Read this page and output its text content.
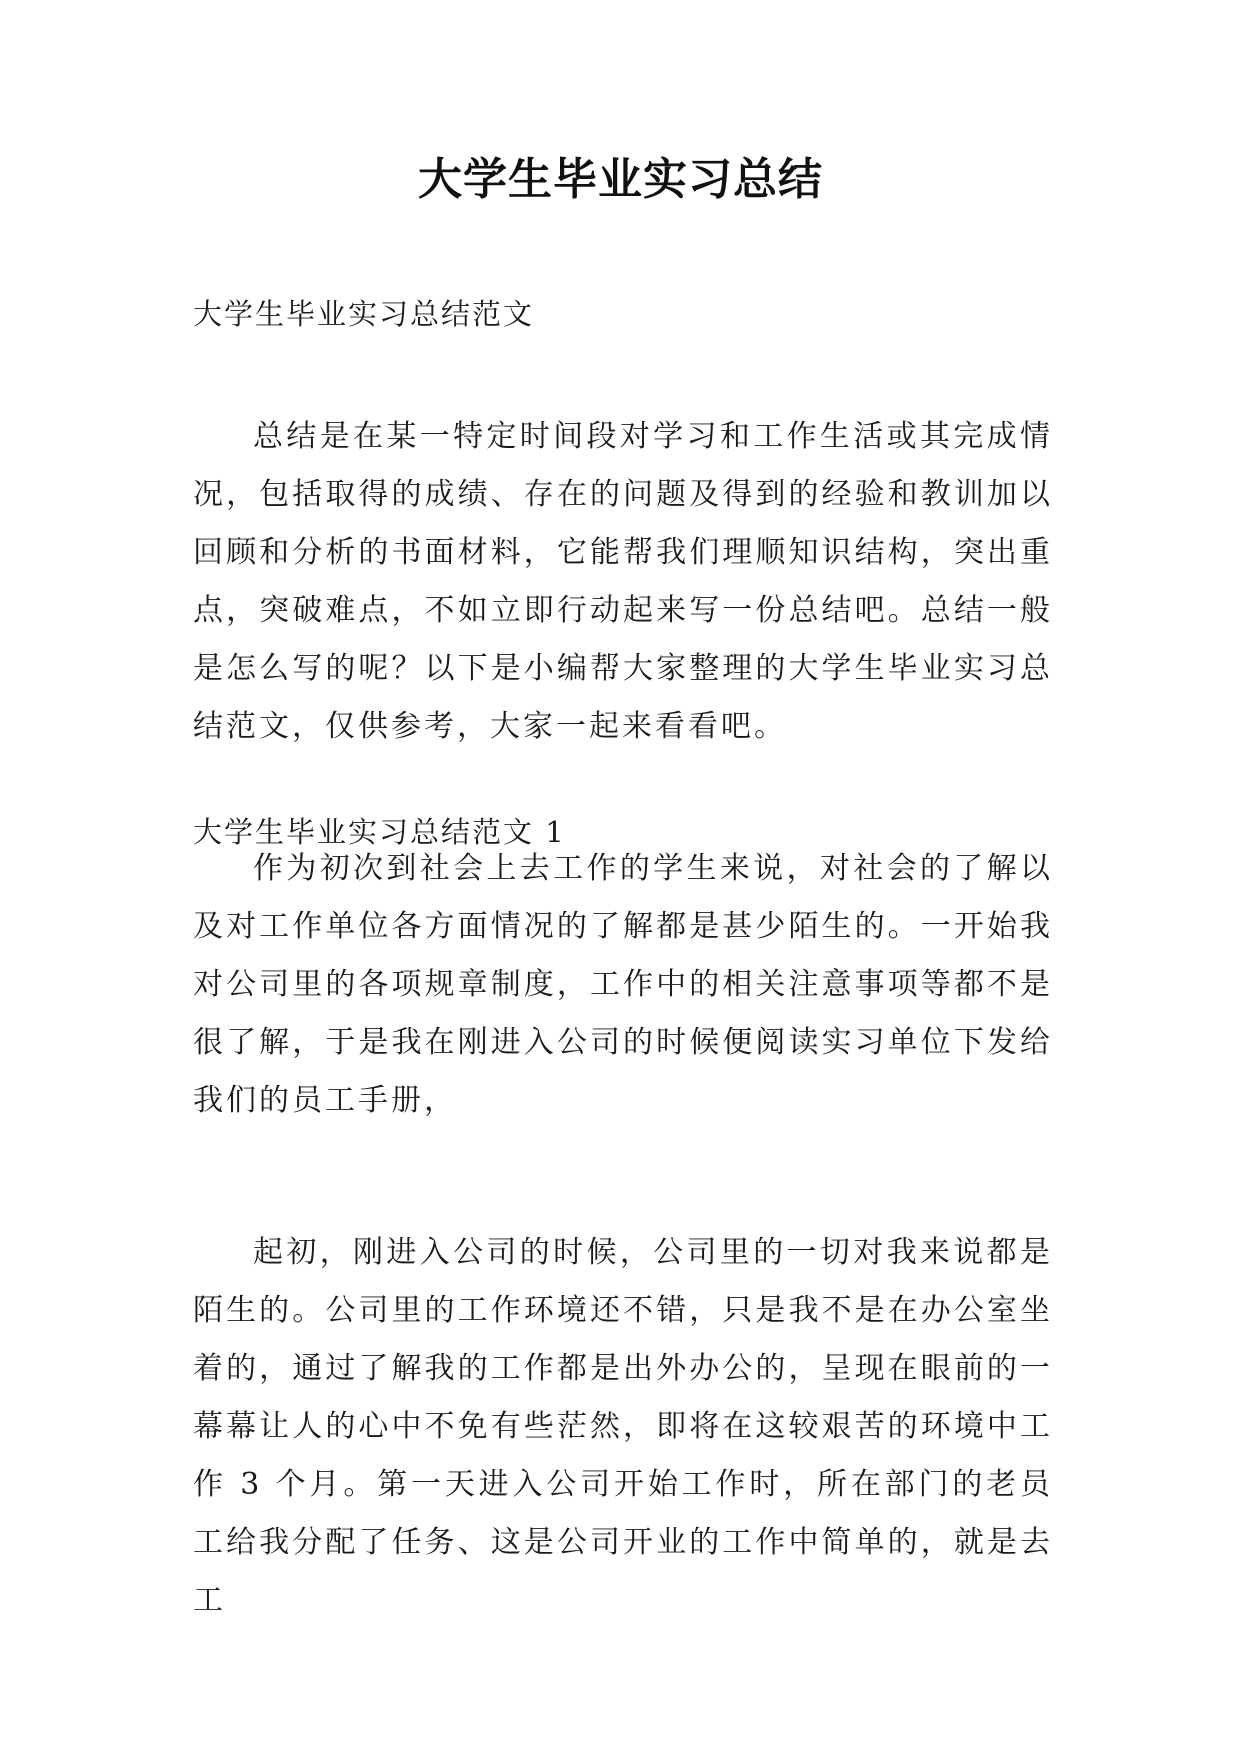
大学生毕业实习总结

大学生毕业实习总结范文

总结是在某一特定时间段对学习和工作生活或其完成情况，包括取得的成绩、存在的问题及得到的经验和教训加以回顾和分析的书面材料，它能帮我们理顺知识结构，突出重点，突破难点，不如立即行动起来写一份总结吧。总结一般是怎么写的呢？以下是小编帮大家整理的大学生毕业实习总结范文，仅供参考，大家一起来看看吧。

大学生毕业实习总结范文 1

作为初次到社会上去工作的学生来说，对社会的了解以及对工作单位各方面情况的了解都是甚少陌生的。一开始我对公司里的各项规章制度，工作中的相关注意事项等都不是很了解，于是我在刚进入公司的时候便阅读实习单位下发给我们的员工手册，

起初，刚进入公司的时候，公司里的一切对我来说都是陌生的。公司里的工作环境还不错，只是我不是在办公室坐着的，通过了解我的工作都是出外办公的，呈现在眼前的一幕幕让人的心中不免有些茫然，即将在这较艰苦的环境中工作 3 个月。第一天进入公司开始工作时，所在部门的老员工给我分配了任务、这是公司开业的工作中简单的，就是去工
